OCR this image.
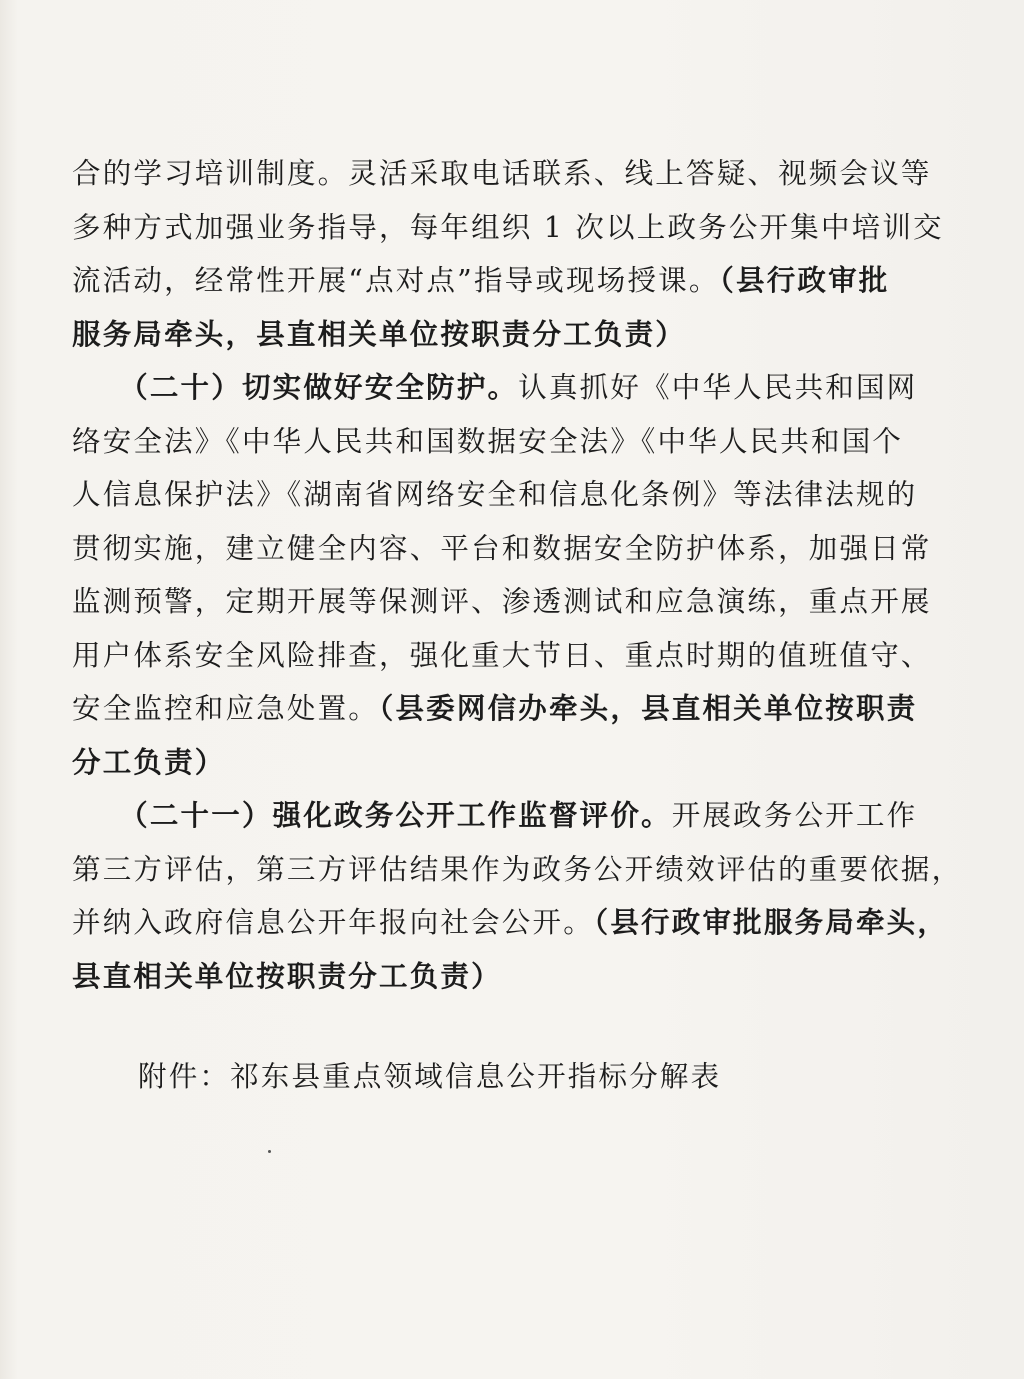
合的学习培训制度。灵活采取电话联系、线上答疑、视频会议等
多种方式加强业务指导，每年组织 1 次以上政务公开集中培训交
流活动，经常性开展“点对点”指导或现场授课。（县行政审批
服务局牵头，县直相关单位按职责分工负责）

　　（二十）切实做好安全防护。认真抓好《中华人民共和国网
络安全法》《中华人民共和国数据安全法》《中华人民共和国个
人信息保护法》《湖南省网络安全和信息化条例》等法律法规的
贯彻实施，建立健全内容、平台和数据安全防护体系，加强日常
监测预警，定期开展等保测评、渗透测试和应急演练，重点开展
用户体系安全风险排查，强化重大节日、重点时期的值班值守、
安全监控和应急处置。（县委网信办牵头，县直相关单位按职责
分工负责）

　　（二十一）强化政务公开工作监督评价。开展政务公开工作
第三方评估，第三方评估结果作为政务公开绩效评估的重要依据，
并纳入政府信息公开年报向社会公开。（县行政审批服务局牵头，
县直相关单位按职责分工负责）

附件：祁东县重点领域信息公开指标分解表
